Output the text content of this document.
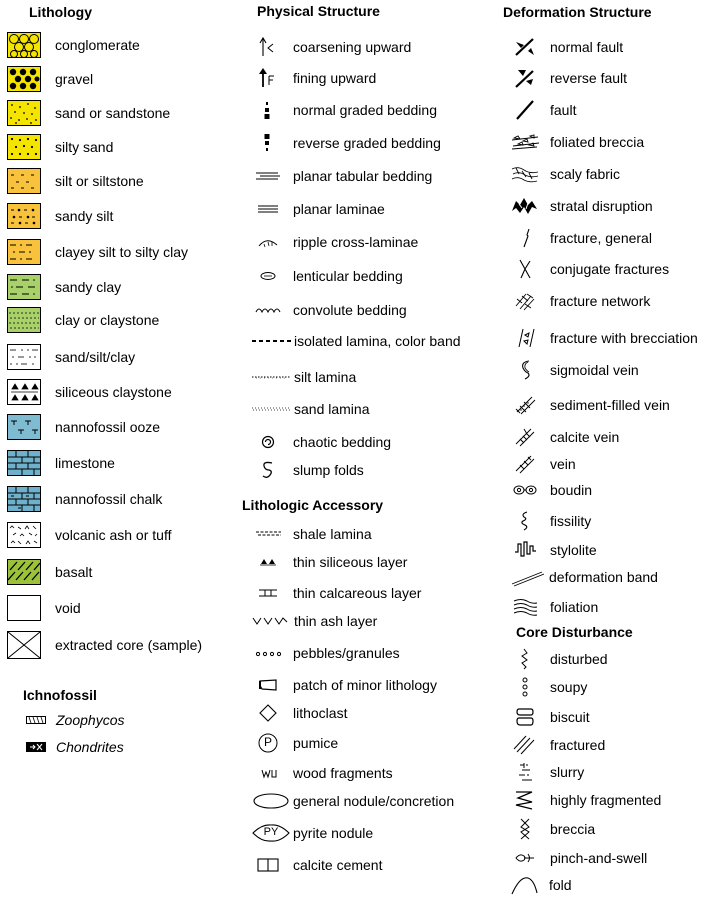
Lithology
conglomerate
gravel
sand or sandstone
silty sand
silt or siltstone
sandy silt
clayey silt to silty clay
sandy clay
clay or claystone
sand/silt/clay
siliceous claystone
nannofossil ooze
limestone
nannofossil chalk
volcanic ash or tuff
basalt
void
extracted core (sample)
Ichnofossil
Zoophycos
Chondrites
Physical Structure
coarsening upward
fining upward
normal graded bedding
reverse graded bedding
planar tabular bedding
planar laminae
ripple cross-laminae
lenticular bedding
convolute bedding
isolated lamina, color band
silt lamina
sand lamina
chaotic bedding
slump folds
Lithologic Accessory
shale lamina
thin siliceous layer
thin calcareous layer
thin ash layer
pebbles/granules
patch of minor lithology
lithoclast
P	pumice
wood fragments
general nodule/concretion
PY	pyrite nodule
calcite cement
Deformation Structure
normal fault
reverse fault
fault
foliated breccia
scaly fabric
stratal disruption
fracture, general
conjugate fractures
fracture network
fracture with brecciation
sigmoidal vein
sediment-filled vein
calcite vein
vein
boudin
fissility
stylolite
deformation band
foliation
Core Disturbance
disturbed
soupy
biscuit
fractured
slurry
highly fragmented
breccia
pinch-and-swell
fold
